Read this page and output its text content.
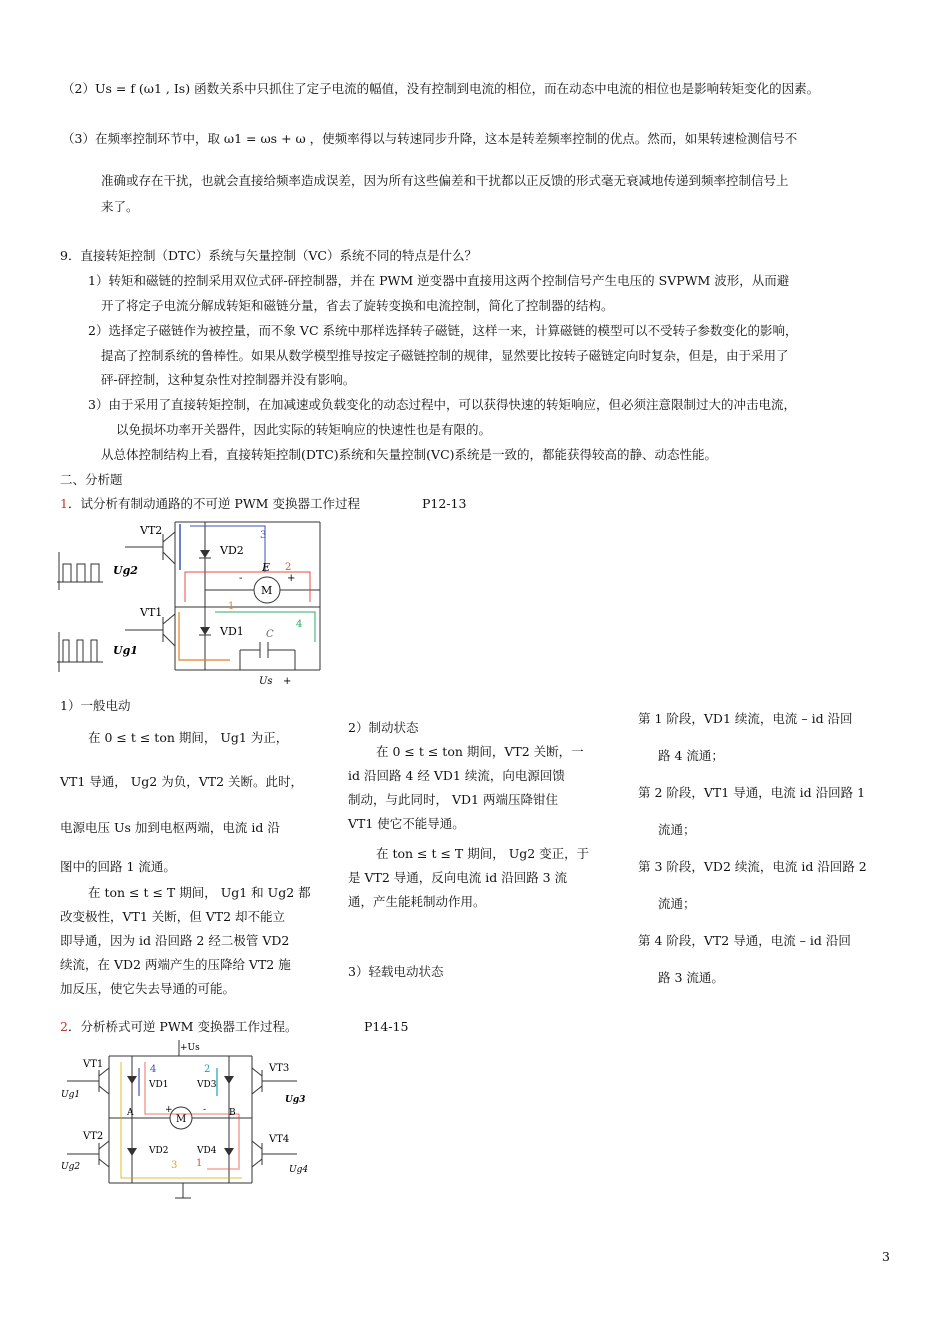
（2）Us = f (ω1 , Is) 函数关系中只抓住了定子电流的幅值，没有控制到电流的相位，而在动态中电流的相位也是影响转矩变化的因素。
（3）在频率控制环节中，取 ω1 = ωs + ω ，使频率得以与转速同步升降，这本是转差频率控制的优点。然而，如果转速检测信号不
准确或存在干扰，也就会直接给频率造成误差，因为所有这些偏差和干扰都以正反馈的形式毫无衰减地传递到频率控制信号上
来了。
9．直接转矩控制（DTC）系统与矢量控制（VC）系统不同的特点是什么？
1）转矩和磁链的控制采用双位式砰-砰控制器，并在 PWM 逆变器中直接用这两个控制信号产生电压的 SVPWM 波形，从而避
开了将定子电流分解成转矩和磁链分量，省去了旋转变换和电流控制，简化了控制器的结构。
2）选择定子磁链作为被控量，而不象 VC 系统中那样选择转子磁链，这样一来，计算磁链的模型可以不受转子参数变化的影响，
提高了控制系统的鲁棒性。如果从数学模型推导按定子磁链控制的规律，显然要比按转子磁链定向时复杂，但是，由于采用了
砰-砰控制，这种复杂性对控制器并没有影响。
3）由于采用了直接转矩控制，在加减速或负载变化的动态过程中，可以获得快速的转矩响应，但必须注意限制过大的冲击电流，
以免损坏功率开关器件，因此实际的转矩响应的快速性也是有限的。
从总体控制结构上看，直接转矩控制(DTC)系统和矢量控制(VC)系统是一致的，都能获得较高的静、动态性能。
二、分析题
1．试分析有制动通路的不可逆 PWM 变换器工作过程	P12-13
VT2
VD2
VT1
VD1
Ug2
Ug1
E
M
C
Us
3
2
1
4
-	+
+
1）一般电动
在 0 ≤ t ≤ ton 期间， Ug1 为正，
VT1 导通， Ug2 为负，VT2 关断。此时，
电源电压 Us 加到电枢两端，电流 id 沿
图中的回路 1 流通。
在 ton ≤ t ≤ T 期间， Ug1 和 Ug2 都
改变极性，VT1 关断，但 VT2 却不能立
即导通，因为 id 沿回路 2 经二极管 VD2
续流，在 VD2 两端产生的压降给 VT2 施
加反压，使它失去导通的可能。
2）制动状态
在 0 ≤ t ≤ ton 期间，VT2 关断，一
id 沿回路 4 经 VD1 续流，向电源回馈
制动，与此同时， VD1 两端压降钳住
VT1 使它不能导通。
在 ton ≤ t ≤ T 期间， Ug2 变正，于
是 VT2 导通，反向电流 id 沿回路 3 流
通，产生能耗制动作用。
3）轻载电动状态
第 1 阶段，VD1 续流，电流 – id 沿回
路 4 流通；
第 2 阶段，VT1 导通，电流 id 沿回路 1
流通；
第 3 阶段，VD2 续流，电流 id 沿回路 2
流通；
第 4 阶段，VT2 导通，电流 – id 沿回
路 3 流通。
2．分析桥式可逆 PWM 变换器工作过程。	P14-15
+Us
VT1
VT2
VT3
VT4
VD1	VD3
VD2	VD4
Ug1
Ug2
Ug3
Ug4
A	B
M
4	2
3 1
+	-
3
